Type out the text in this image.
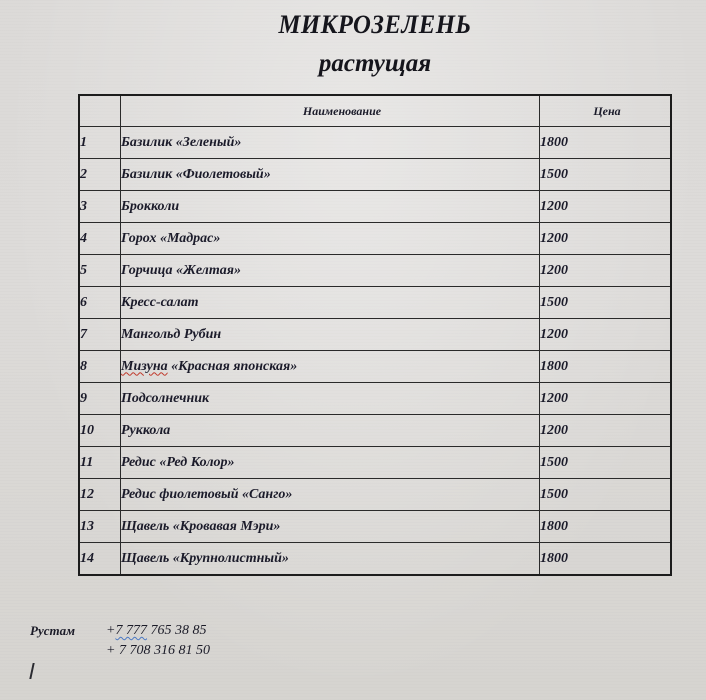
МИКРОЗЕЛЕНЬ
растущая
	Наименование	Цена
1	Базилик «Зеленый»	1800
2	Базилик «Фиолетовый»	1500
3	Брокколи	1200
4	Горох «Мадрас»	1200
5	Горчица «Желтая»	1200
6	Кресс-салат	1500
7	Мангольд Рубин	1200
8	Мизуна «Красная японская»	1800
9	Подсолнечник	1200
10	Руккола	1200
11	Редис «Ред Колор»	1500
12	Редис фиолетовый «Санго»	1500
13	Щавель «Кровавая Мэри»	1800
14	Щавель «Крупнолистный»	1800
Рустам +7 777 765 38 85
+ 7 708 316 81 50
